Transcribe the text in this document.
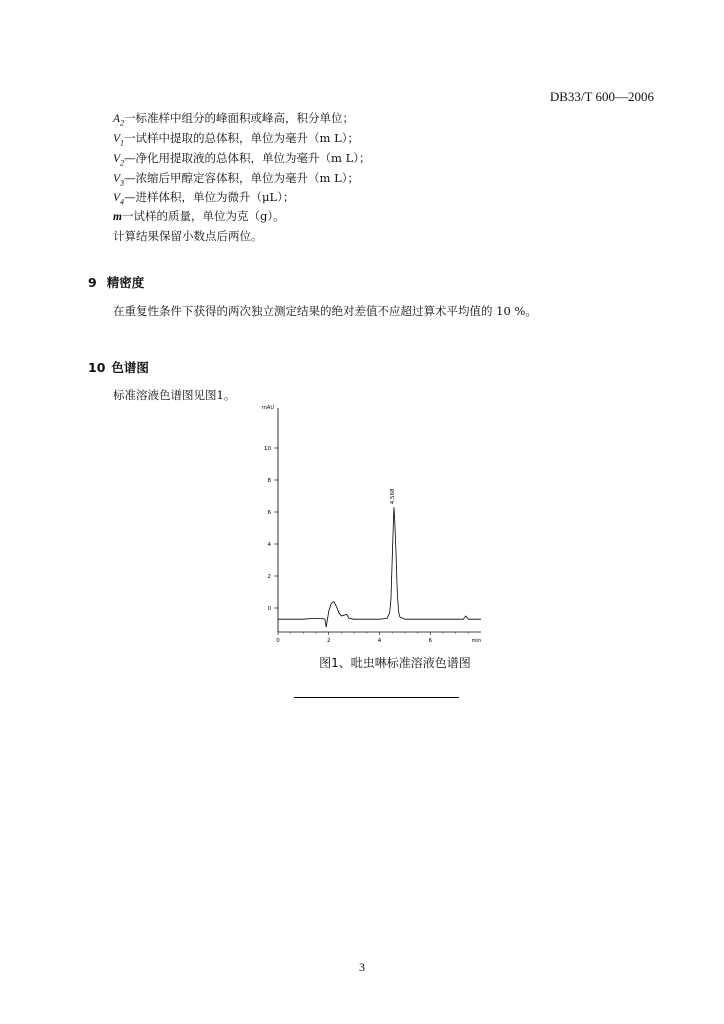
DB33/T 600—2006
$A_2$一标准样中组分的峰面积或峰高，积分单位；
$V_1$一试样中提取的总体积，单位为毫升（m L）；
$V_2—$净化用提取液的总体积，单位为毫升（m L）；
$V_3—$浓缩后甲醇定容体积，单位为毫升（m L）；
$V_4—$进样体积，单位为微升（μL）；
m一试样的质量，单位为克（g）。
计算结果保留小数点后两位。
9 精密度
在重复性条件下获得的两次独立测定结果的绝对差值不应超过算术平均值的 10 %。
10 色谱图
标准溶液色谱图见图1。
0
2
4
6
8
10
mAU
0	2	4	6	min
4.568
图1、吡虫啉标准溶液色谱图
3
